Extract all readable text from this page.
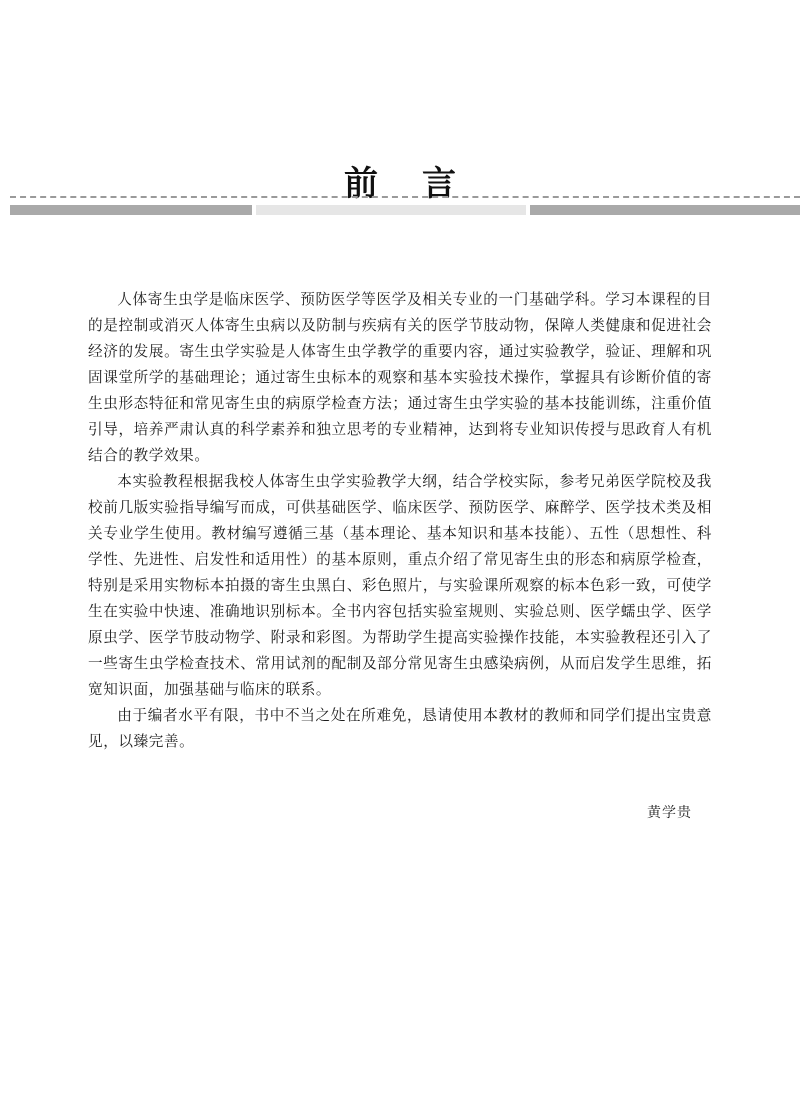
前言

人体寄生虫学是临床医学、预防医学等医学及相关专业的一门基础学科。学习本课程的目的是控制或消灭人体寄生虫病以及防制与疾病有关的医学节肢动物，保障人类健康和促进社会经济的发展。寄生虫学实验是人体寄生虫学教学的重要内容，通过实验教学，验证、理解和巩固课堂所学的基础理论；通过寄生虫标本的观察和基本实验技术操作，掌握具有诊断价值的寄生虫形态特征和常见寄生虫的病原学检查方法；通过寄生虫学实验的基本技能训练，注重价值引导，培养严肃认真的科学素养和独立思考的专业精神，达到将专业知识传授与思政育人有机结合的教学效果。

本实验教程根据我校人体寄生虫学实验教学大纲，结合学校实际，参考兄弟医学院校及我校前几版实验指导编写而成，可供基础医学、临床医学、预防医学、麻醉学、医学技术类及相关专业学生使用。教材编写遵循三基（基本理论、基本知识和基本技能）、五性（思想性、科学性、先进性、启发性和适用性）的基本原则，重点介绍了常见寄生虫的形态和病原学检查，特别是采用实物标本拍摄的寄生虫黑白、彩色照片，与实验课所观察的标本色彩一致，可使学生在实验中快速、准确地识别标本。全书内容包括实验室规则、实验总则、医学蠕虫学、医学原虫学、医学节肢动物学、附录和彩图。为帮助学生提高实验操作技能，本实验教程还引入了一些寄生虫学检查技术、常用试剂的配制及部分常见寄生虫感染病例，从而启发学生思维，拓宽知识面，加强基础与临床的联系。

由于编者水平有限，书中不当之处在所难免，恳请使用本教材的教师和同学们提出宝贵意见，以臻完善。

黄学贵
